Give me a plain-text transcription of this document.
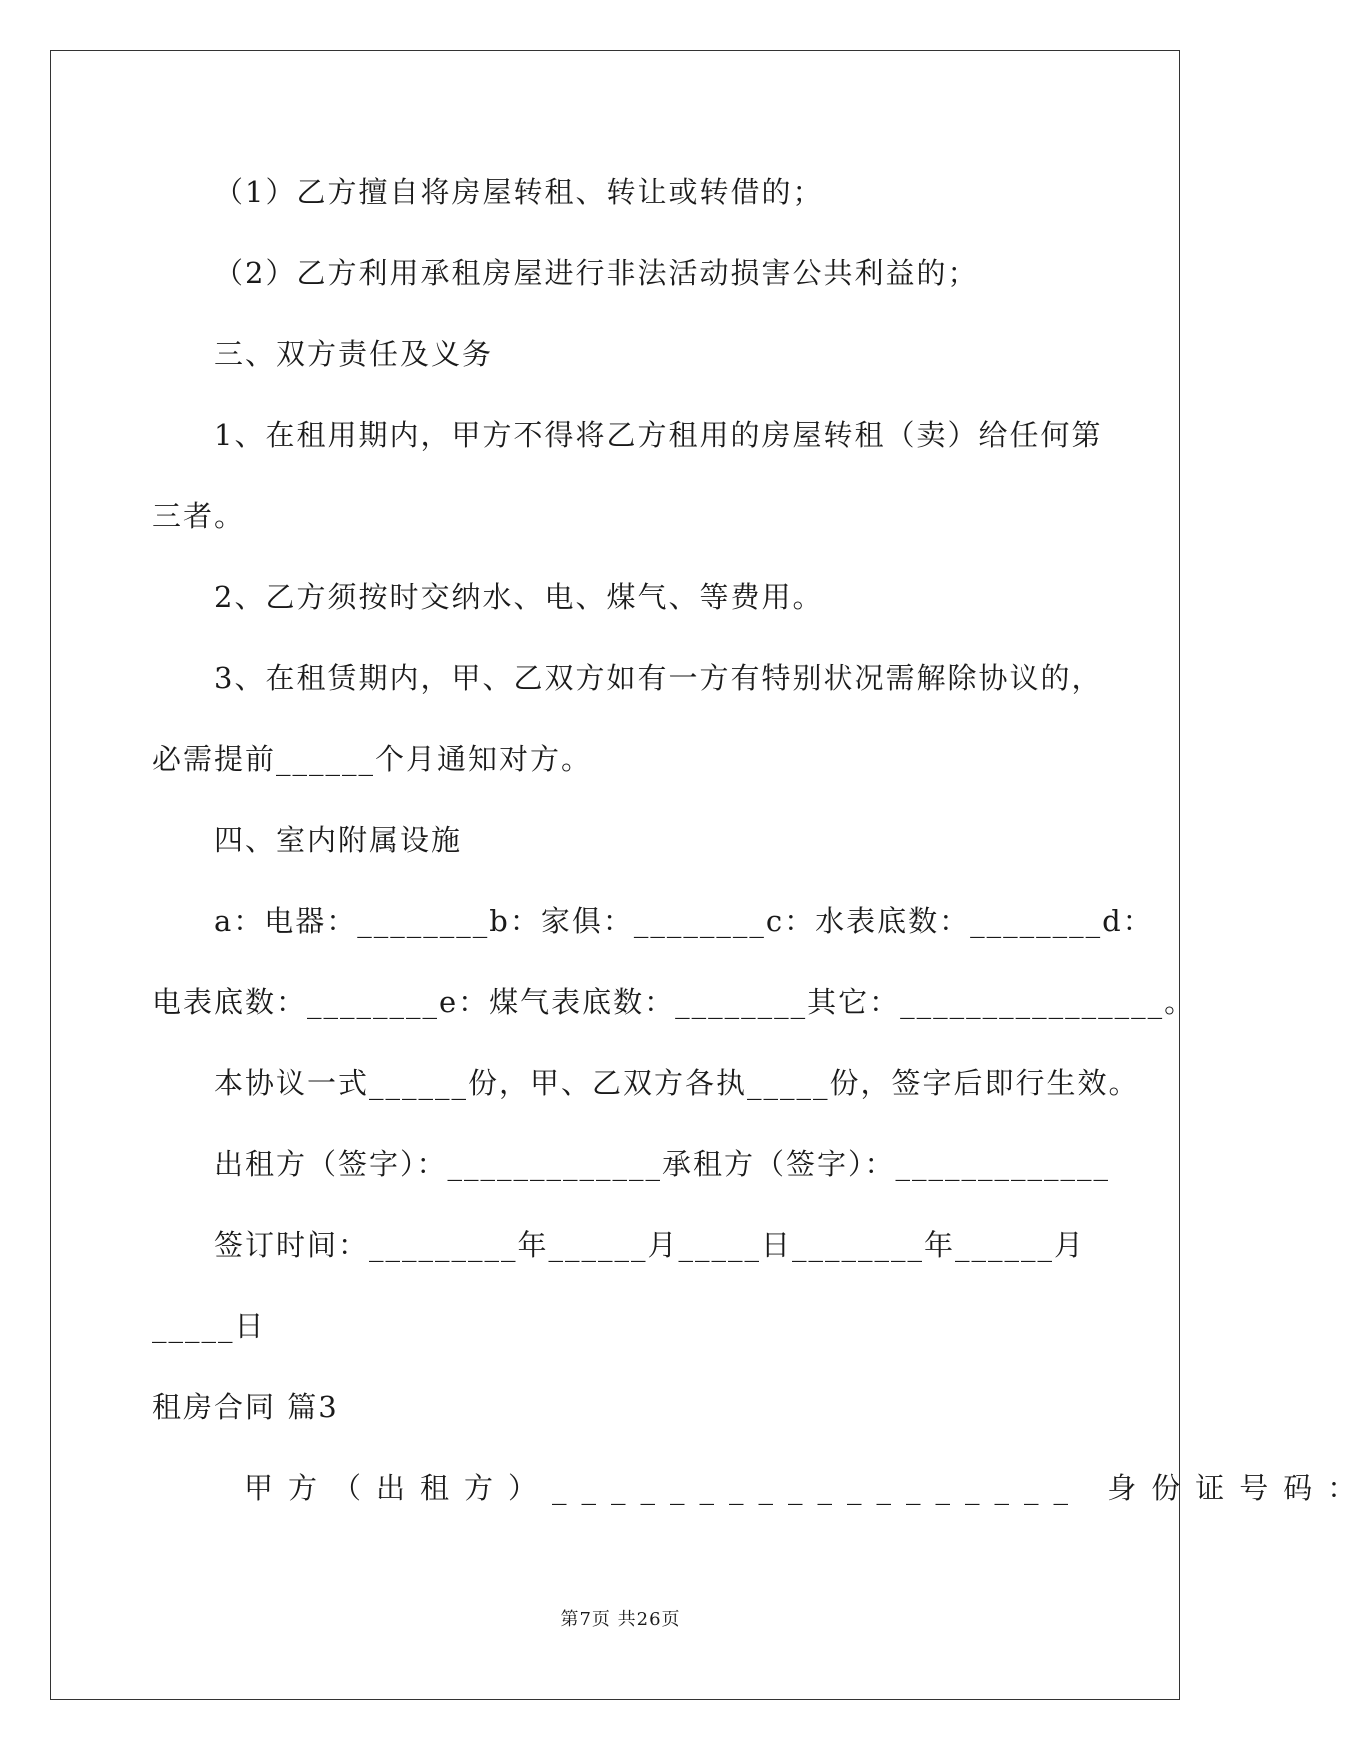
（1）乙方擅自将房屋转租、转让或转借的；
（2）乙方利用承租房屋进行非法活动损害公共利益的；
三、双方责任及义务
1、在租用期内，甲方不得将乙方租用的房屋转租（卖）给任何第
三者。
2、乙方须按时交纳水、电、煤气、等费用。
3、在租赁期内，甲、乙双方如有一方有特别状况需解除协议的，
必需提前______个月通知对方。
四、室内附属设施
a：电器：________b：家俱：________c：水表底数：________d：
电表底数：________e：煤气表底数：________其它：________________。
本协议一式______份，甲、乙双方各执_____份，签字后即行生效。
出租方（签字）：_____________承租方（签字）：_____________
签订时间：_________年______月_____日________年______月
_____日
租房合同 篇3
甲方（出租方）__________________ 身份证号码：
第7页 共26页
